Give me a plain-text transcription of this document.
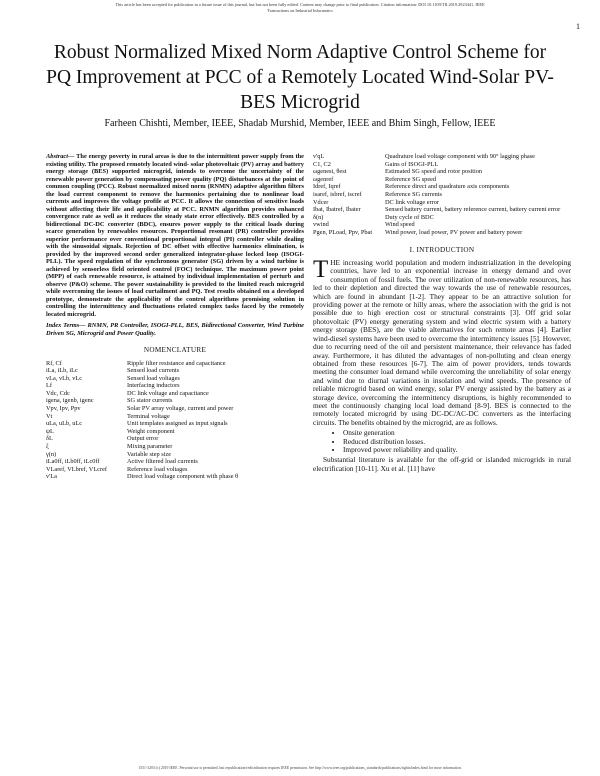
This article has been accepted for publication in a future issue of this journal, but has not been fully edited. Content may change prior to final publication. Citation information: DOI 10.1109/TII.2019.2923441, IEEE
Transactions on Industrial Informatics
1
Robust Normalized Mixed Norm Adaptive Control Scheme for PQ Improvement at PCC of a Remotely Located Wind-Solar PV-BES Microgrid
Farheen Chishti, Member, IEEE, Shadab Murshid, Member, IEEE and Bhim Singh, Fellow, IEEE
Abstract— The energy poverty in rural areas is due to the intermittent power supply from the existing utility. The proposed remotely located wind- solar photovoltaic (PV) array and battery energy storage (BES) supported microgrid, intends to overcome the uncertainty of the renewable power generation by compensating power quality (PQ) disturbances at the point of common coupling (PCC). Robust normalized mixed norm (RNMN) adaptive algorithm filters the load current component to remove the harmonics pertaining due to nonlinear load currents and improves the voltage profile at PCC. It allows the connection of sensitive loads without affecting their life and applicability at PCC. RNMN algorithm provides enhanced convergence rate as well as it reduces the steady state error effectively. BES controlled by a bidirectional DC-DC converter (BDC), ensures power supply to the critical loads during scarce generation by renewables resources. Proportional resonant (PR) controller provides superior performance over conventional proportional integral (PI) controller while dealing with the sinusoidal signals. Rejection of DC offset with effective harmonics elimination, is provided by the improved second order generalized integrator-phase locked loop (ISOGI-PLL). The speed regulation of the synchronous generator (SG) driven by a wind turbine is achieved by sensorless field oriented control (FOC) technique. The maximum power point (MPP) of each renewable resource, is attained by individual implementation of perturb and observe (P&O) scheme. The power sustainability is provided to the limited reach microgrid while overcoming the issues of load curtailment and PQ. Test results obtained on a developed prototype, demonstrate the applicability of the control algorithms promising solution in controlling the intermittency and fluctuations related complex tasks faced by the remotely located microgrid.
Index Terms— RNMN, PR Controller, ISOGI-PLL, BES, Bidirectional Converter, Wind Turbine Driven SG, Microgrid and Power Quality.
NOMENCLATURE
Rf, Cf	Ripple filter resistance and capacitance
iLa, iLb, iLc	Sensed load currents
vLa, vLb, vLc	Sensed load voltages
Lf	Interfacing inductors
Vdc, Cdc	DC link voltage and capacitance
igena, igenb, igenc	SG stator currents
Vpv, Ipv, Ppv	Solar PV array voltage, current and power
Vt	Terminal voltage
uLa, uLb, uLc	Unit templates assigned as input signals
ψL	Weight component
δL	Output error
ξ	Mixing parameter
γ(n)	Variable step size
iLa0ff, iLb0ff, iLc0ff	Active filtered load currents
VLaref, VLbref, VLcref	Reference load voltages
v'La	Direct load voltage component with phase θ
v'qL	Quadrature load voltage component with 90° lagging phase
C1, C2	Gains of ISOGI-PLL
ωgenest, θest	Estimated SG speed and rotor position
ωgenref	Reference SG speed
Idref, Iqref	Reference direct and quadrature axis components
isaref, isbref, iscref	Reference SG currents
Vdcer	DC link voltage error
Ibat, Ibatref, Ibater	Sensed battery current, battery reference current, battery current error
δ(n)	Duty cycle of BDC
vwind	Wind speed
Pgen, PLoad, Ppv, Pbat	Wind power, load power, PV power and battery power
I. INTRODUCTION
THE increasing world population and modern industrialization in the developing countries, have led to an exponential increase in energy demand and over consumption of fossil fuels. The over utilization of non-renewable resources, has led to their depletion and directed the way towards the use of renewable resources, which are found in abundant [1-2]. They appear to be an attractive solution for providing power at the remote or hilly areas, where the association with the grid is not possible due to high erection cost or structural constraints [3]. Off grid solar photovoltaic (PV) energy generating system and wind electric system with a battery energy storage (BES), are the viable alternatives for such remote areas [4]. Earlier wind-diesel systems have been used to overcome the intermittency issues [5]. However, due to recurring need of the oil and persistent maintenance, their relevance has faded away. Furthermore, it has diluted the advantages of non-polluting and clean energy obtained from these resources [6-7]. The aim of power providers, tends towards meeting the consumer load demand while overcoming the unreliability of solar energy and wind due to diurnal variations in insolation and wind speeds. The presence of reliable microgrid based on wind energy, solar PV energy assisted by the battery as a storage device, overcoming the intermittency disruptions, is highly recommended to meet the continuously changing local load demand [8-9]. BES is connected to the remotely located microgrid by using DC-DC/AC-DC converters as the interfacing circuits. The benefits obtained by the microgrid, are as follows.
• Onsite generation
• Reduced distribution losses.
• Improved power reliability and quality.
Substantial literature is available for the off-grid or islanded microgrids in rural electrification [10-11]. Xu et al. [11] have
1551-3203 (c) 2019 IEEE. Personal use is permitted, but republication/redistribution requires IEEE permission. See http://www.ieee.org/publications_standards/publications/rights/index.html for more information.
